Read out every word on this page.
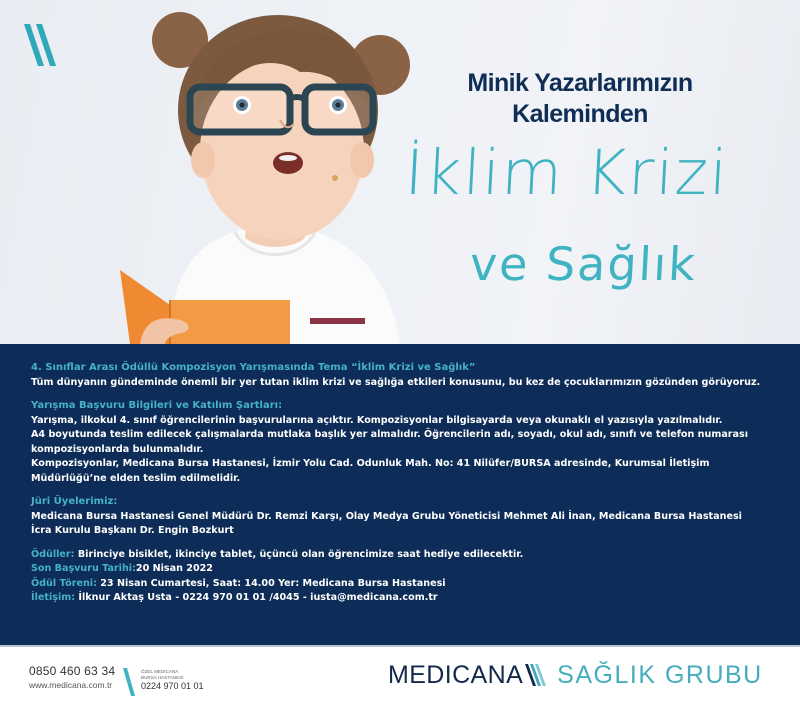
Minik Yazarlarımızın
Kaleminden
İklim Krizi
ve Sağlık

4. Sınıflar Arası Ödüllü Kompozisyon Yarışmasında Tema “İklim Krizi ve Sağlık”

Tüm dünyanın gündeminde önemli bir yer tutan iklim krizi ve sağlığa etkileri konusunu, bu kez de çocuklarımızın gözünden görüyoruz.

Yarışma Başvuru Bilgileri ve Katılım Şartları:

Yarışma, ilkokul 4. sınıf öğrencilerinin başvurularına açıktır. Kompozisyonlar bilgisayarda veya okunaklı el yazısıyla yazılmalıdır.

A4 boyutunda teslim edilecek çalışmalarda mutlaka başlık yer almalıdır. Öğrencilerin adı, soyadı, okul adı, sınıfı ve telefon numarası

kompozisyonlarda bulunmalıdır.

Kompozisyonlar, Medicana Bursa Hastanesi, İzmir Yolu Cad. Odunluk Mah. No: 41 Nilüfer/BURSA adresinde, Kurumsal İletişim

Müdürlüğü’ne elden teslim edilmelidir.

Jüri Üyelerimiz:

Medicana Bursa Hastanesi Genel Müdürü Dr. Remzi Karşı, Olay Medya Grubu Yöneticisi Mehmet Ali İnan, Medicana Bursa Hastanesi

İcra Kurulu Başkanı Dr. Engin Bozkurt

Ödüller: Birinciye bisiklet, ikinciye tablet, üçüncü olan öğrencimize saat hediye edilecektir.

Son Başvuru Tarihi:20 Nisan 2022

Ödül Töreni: 23 Nisan Cumartesi, Saat: 14.00 Yer: Medicana Bursa Hastanesi

İletişim: İlknur Aktaş Usta - 0224 970 01 01 /4045 - iusta@medicana.com.tr

0850 460 63 34
www.medicana.com.tr
ÖZEL MEDICANA
BURSA HASTANESİ
0224 970 01 01	MEDICANA SAĞLIK GRUBU
